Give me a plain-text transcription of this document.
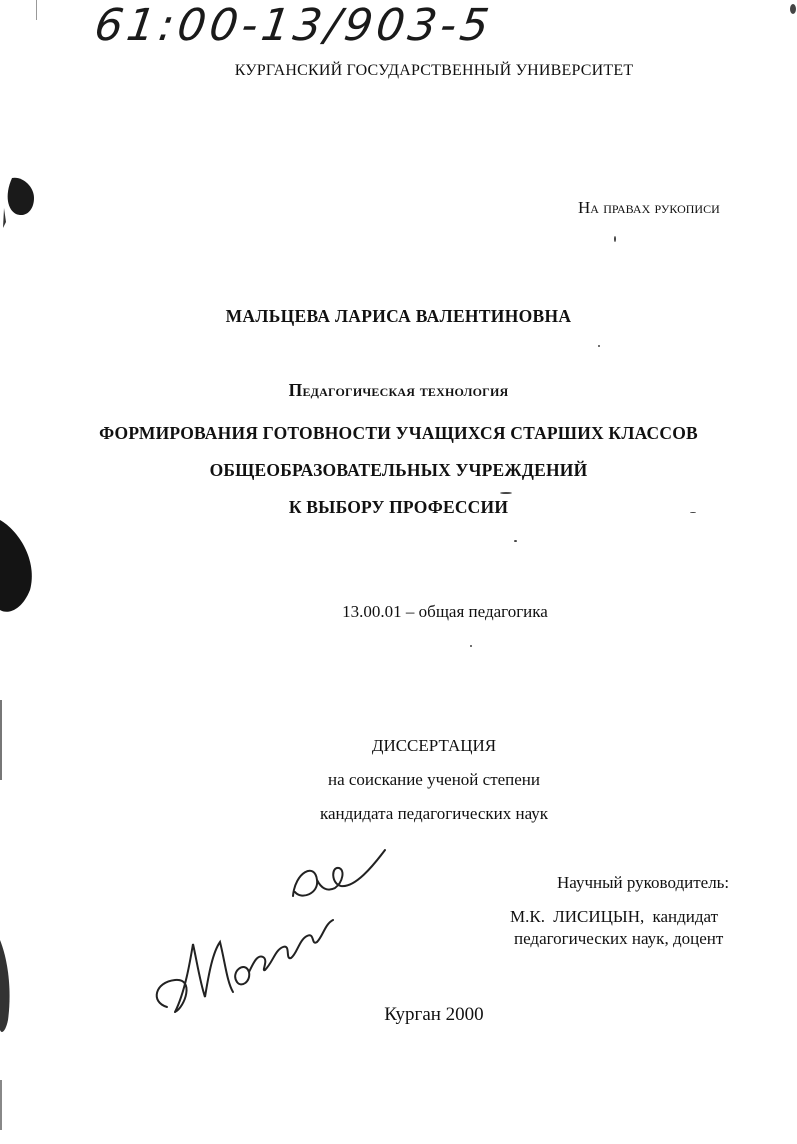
61:00-13/903-5
КУРГАНСКИЙ ГОСУДАРСТВЕННЫЙ УНИВЕРСИТЕТ
На правах рукописи
МАЛЬЦЕВА ЛАРИСА ВАЛЕНТИНОВНА
Педагогическая технология
ФОРМИРОВАНИЯ ГОТОВНОСТИ УЧАЩИХСЯ СТАРШИХ КЛАССОВ
ОБЩЕОБРАЗОВАТЕЛЬНЫХ УЧРЕЖДЕНИЙ
К ВЫБОРУ ПРОФЕССИИ
13.00.01 – общая педагогика
ДИССЕРТАЦИЯ
на соискание ученой степени
кандидата педагогических наук
Научный руководитель:
М.К. ЛИСИЦЫН, кандидат
педагогических наук, доцент
Курган 2000
